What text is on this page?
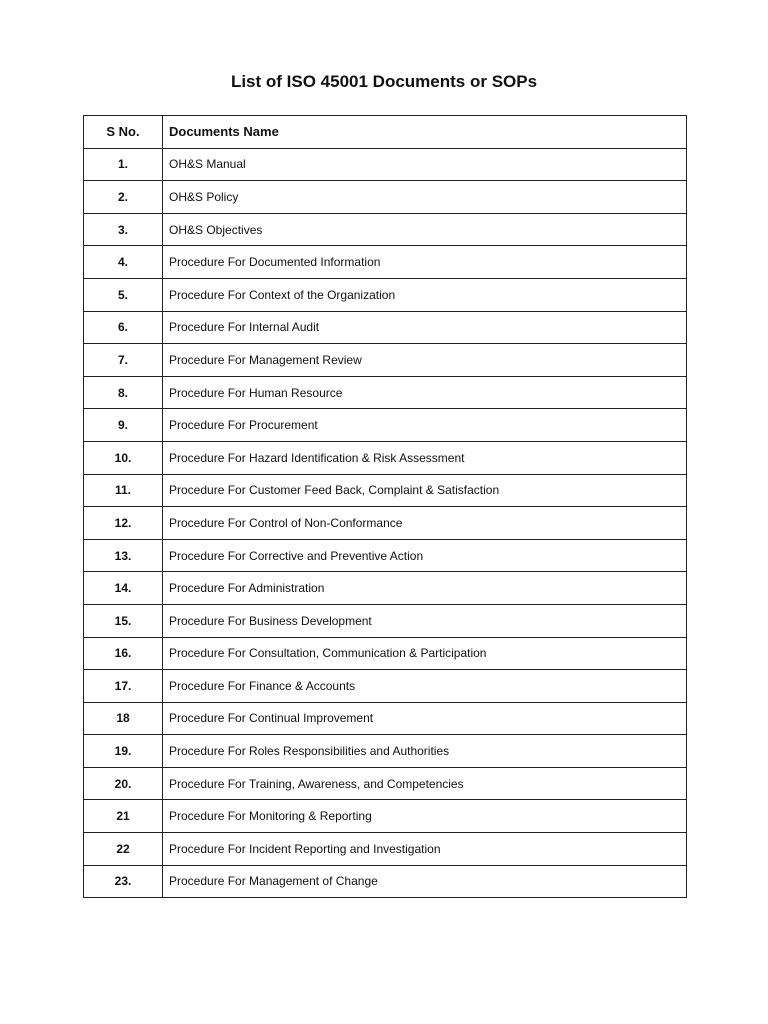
List of ISO 45001 Documents or SOPs
S No.	Documents Name
1.	OH&S Manual
2.	OH&S Policy
3.	OH&S Objectives
4.	Procedure For Documented Information
5.	Procedure For Context of the Organization
6.	Procedure For Internal Audit
7.	Procedure For Management Review
8.	Procedure For Human Resource
9.	Procedure For Procurement
10.	Procedure For Hazard Identification & Risk Assessment
11.	Procedure For Customer Feed Back, Complaint & Satisfaction
12.	Procedure For Control of Non-Conformance
13.	Procedure For Corrective and Preventive Action
14.	Procedure For Administration
15.	Procedure For Business Development
16.	Procedure For Consultation, Communication & Participation
17.	Procedure For Finance & Accounts
18	Procedure For Continual Improvement
19.	Procedure For Roles Responsibilities and Authorities
20.	Procedure For Training, Awareness, and Competencies
21	Procedure For Monitoring & Reporting
22	Procedure For Incident Reporting and Investigation
23.	Procedure For Management of Change
